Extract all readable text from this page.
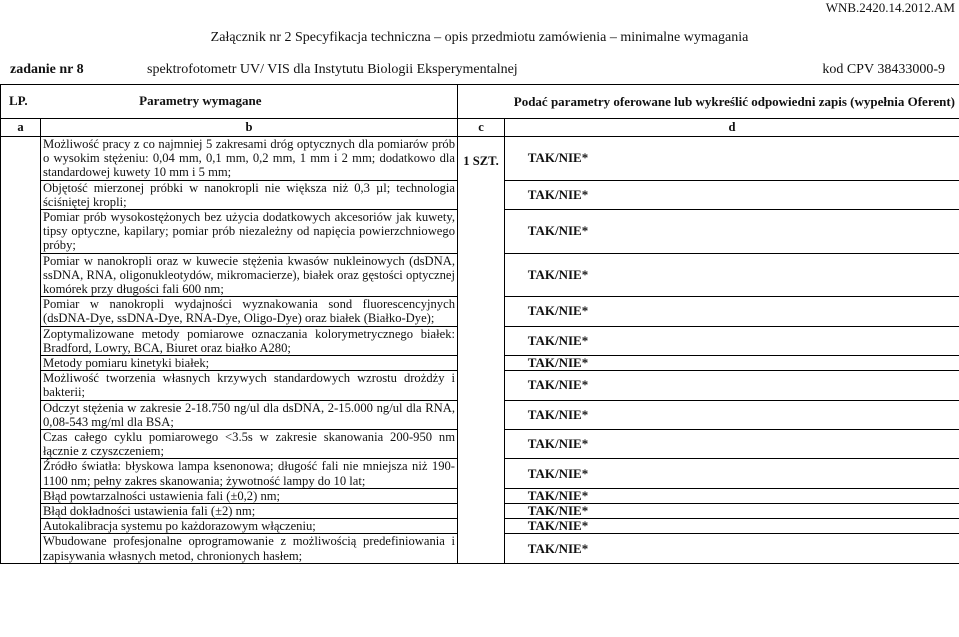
WNB.2420.14.2012.AM
Załącznik nr 2 Specyfikacja techniczna – opis przedmiotu zamówienia – minimalne wymagania
zadanie nr 8	spektrofotometr UV/ VIS dla Instytutu Biologii Eksperymentalnej	kod CPV 38433000-9
LP. Parametry wymagane		Podać parametry oferowane lub wykreślić odpowiedni zapis (wypełnia Oferent)	
a	b	c	d
	Możliwość pracy z co najmniej 5 zakresami dróg optycznych dla pomiarów prób o wysokim stężeniu: 0,04 mm, 0,1 mm, 0,2 mm, 1 mm i 2 mm; dodatkowo dla standardowej kuwety 10 mm i 5 mm;	1 SZT.	TAK/NIE*
	Objętość mierzonej próbki w nanokropli nie większa niż 0,3 µl; technologia ściśniętej kropli;		TAK/NIE*
	Pomiar prób wysokostężonych bez użycia dodatkowych akcesoriów jak kuwety, tipsy optyczne, kapilary; pomiar prób niezależny od napięcia powierzchniowego próby;		TAK/NIE*
	Pomiar w nanokropli oraz w kuwecie stężenia kwasów nukleinowych (dsDNA, ssDNA, RNA, oligonukleotydów, mikromacierze), białek oraz gęstości optycznej komórek przy długości fali 600 nm;		TAK/NIE*
	Pomiar w nanokropli wydajności wyznakowania sond fluorescencyjnych (dsDNA-Dye, ssDNA-Dye, RNA-Dye, Oligo-Dye) oraz białek (Białko-Dye);		TAK/NIE*
	Zoptymalizowane metody pomiarowe oznaczania kolorymetrycznego białek: Bradford, Lowry, BCA, Biuret oraz białko A280;		TAK/NIE*
	Metody pomiaru kinetyki białek;		TAK/NIE*
	Możliwość tworzenia własnych krzywych standardowych wzrostu drożdży i bakterii;		TAK/NIE*
	Odczyt stężenia w zakresie 2-18.750 ng/ul dla dsDNA, 2-15.000 ng/ul dla RNA, 0,08-543 mg/ml dla BSA;		TAK/NIE*
	Czas całego cyklu pomiarowego <3.5s w zakresie skanowania 200-950 nm łącznie z czyszczeniem;		TAK/NIE*
	Źródło światła: błyskowa lampa ksenonowa; długość fali nie mniejsza niż 190-1100 nm; pełny zakres skanowania; żywotność lampy do 10 lat;		TAK/NIE*
	Błąd powtarzalności ustawienia fali (±0,2) nm;		TAK/NIE*
	Błąd dokładności ustawienia fali (±2) nm;		TAK/NIE*
	Autokalibracja systemu po każdorazowym włączeniu;		TAK/NIE*
	Wbudowane profesjonalne oprogramowanie z możliwością predefiniowania i zapisywania własnych metod, chronionych hasłem;		TAK/NIE*
